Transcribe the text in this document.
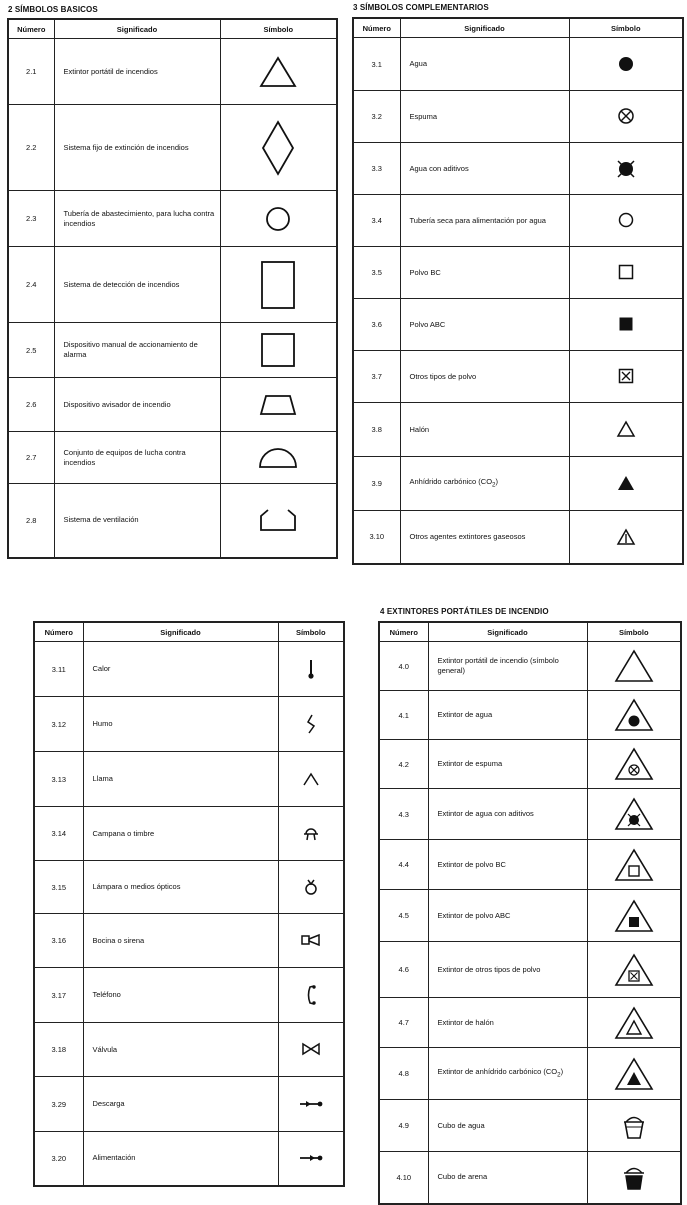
2 SÍMBOLOS BASICOS	3 SÍMBOLOS COMPLEMENTARIOS
4 EXTINTORES PORTÁTILES DE INCENDIO
Número	Significado	Símbolo
2.1	Extintor portátil de incendios	
2.2	Sistema fijo de extinción de incendios	
2.3	Tubería de abastecimiento, para lucha contra incendios	
2.4	Sistema de detección de incendios	
2.5	Dispositivo manual de accionamiento de alarma	
2.6	Dispositivo avisador de incendio	
2.7	Conjunto de equipos de lucha contra incendios	
2.8	Sistema de ventilación	
Número	Significado	Símbolo
3.1	Agua	
3.2	Espuma	
3.3	Agua con aditivos	
3.4	Tubería seca para alimentación por agua	
3.5	Polvo BC	
3.6	Polvo ABC	
3.7	Otros tipos de polvo	
3.8	Halón	
3.9	Anhídrido carbónico $(CO_2)$	
3.10	Otros agentes extintores gaseosos	
Número	Significado	Símbolo
3.11	Calor	
3.12	Humo	
3.13	Llama	
3.14	Campana o timbre	
3.15	Lámpara o medios ópticos	
3.16	Bocina o sirena	
3.17	Teléfono	
3.18	Válvula	
3.29	Descarga	
3.20	Alimentación	
Número	Significado	Símbolo
4.0	Extintor portátil de incendio (símbolo general)	
4.1	Extintor de agua	
4.2	Extintor de espuma	
4.3	Extintor de agua con aditivos	
4.4	Extintor de polvo BC	
4.5	Extintor de polvo ABC	
4.6	Extintor de otros tipos de polvo	
4.7	Extintor de halón	
4.8	Extintor de anhídrido carbónico $(CO_2)$	
4.9	Cubo de agua	
4.10	Cubo de arena	
